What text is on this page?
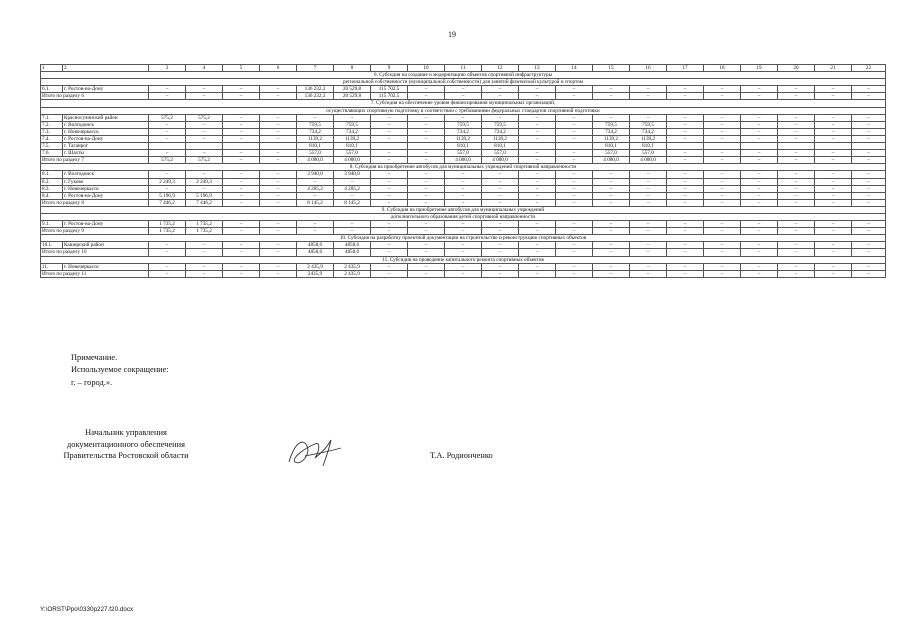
19
1	2	3	4	5	6	7	8	9	10	11	12	13	14	15	16	17	18	19	20	21	22
6. Субсидия на создание и модернизацию объектов спортивной инфраструктуры																					
региональной собственности (муниципальной собственности) для занятий физической культурой и спортом																					
6.1.	г. Ростов-на-Дону	–	–	–	–	136 232,3	20 529,8	115 702,5	–	–	–	–	–	–	–	–	–	–	–	–	–
Итого по разделу 6		–	–	–	–	136 232,3	20 529,8	115 702,5	–	–	–	–	–	–	–	–	–	–	–	–	–
7. Субсидия на обеспечение уровня финансирования муниципальных организаций,																					
осуществляющих спортивную подготовку в соответствии с требованиями федеральных стандартов спортивной подготовки																					
7.1.	Красносулинский район	575,2	575,2	–	–	–	–	–	–	–	–	–	–	–	–	–	–	–	–	–	–
7.2.	г. Волгодонск	–	–	–	–	759,5	759,5	–	–	759,5	759,5	–	–	759,5	759,5	–	–	–	–	–	–
7.3.	г. Новочеркасск	–	–	–	–	734,2	734,2	–	–	734,2	734,2	–	–	734,2	734,2	–	–	–	–	–	–
7.4.	г. Ростов-на-Дону	–	–	–	–	1139,2	1139,2	–	–	1139,2	1139,2	–	–	1139,2	1139,2	–	–	–	–	–	–
7.5.	г. Таганрог					810,1	810,1			810,1	810,1			810,1	810,1						
7.6.	г. Шахты	–	–	–	–	557,0	557,0	–	–	557,0	557,0	–	–	557,0	557,0	–	–	–	–	–	–
Итого по разделу 7		575,2	575,2	–	–	4 000,0	4 000,0	–	–	4 000,0	4 000,0	–	–	4 000,0	4 000,0	–	–	–	–	–	–
8. Субсидия на приобретение автобусов для муниципальных учреждений спортивной направленности																					
8.1.	г. Волгодонск	–	–	–	–	3 940,0	3 940,0	–	–	–	–	–	–	–	–	–	–	–	–	–	–
8.2.	г. Гуково	2 249,3	2 249,3	–	–	–	–	–	–	–	–	–	–	–	–	–	–	–	–	–	–
8.3.	г. Новочеркасск	–	–	–	–	4 205,2	4 205,2	–	–	–	–	–	–	–	–	–	–	–	–	–	–
8.4.	г. Ростов-на-Дону	5 196,9	5 196,9	–	–	–	–	–	–	–	–	–	–	–	–	–	–	–	–	–	–
Итого по разделу 8		7 446,2	7 446,2	–	–	8 145,2	8 145,2	–	–	–	–	–	–	–	–	–	–	–	–	–	–
9. Субсидия на приобретение автобусов для муниципальных учреждений																					
дополнительного образования детей спортивной направленности																					
9.1.	г. Ростов-на-Дону	1 735,2	1 735,2	–	–	–	–	–	–	–	–	–	–	–	–	–	–	–	–	–	–
Итого по разделу 9		1 735,2	1 735,2	–	–	–	–	–	–	–	–	–	–	–	–	–	–	–	–	–	–
10. Субсидия на разработку проектной документации на строительство и реконструкцию спортивных объектов																					
10.1.	Каширский район	–	–	–	–	4858,6	4858,6	–	–	–	–	–	–	–	–	–	–	–	–	–	–
Итого по разделу 10		–	–	–	–	4858,6	4858,6	–	–	–	–	–	–	–	–	–	–	–	–	–	–
11. Субсидия на проведение капитального ремонта спортивных объектов																					
11.	г. Новочеркасск	–	–	–	–	2 435,9	2 435,9	–	–	–	–	–	–	–	–	–	–	–	–	–	–
Итого по разделу 11		–	–	–	–	2435,9	2 435,9	–	–	–	–	–	–	–	–	–	–	–	–	–	–
Примечание.
Используемое сокращение:
г. – город.».
Начальник управления
документационного обеспечения
Правительства Ростовской области	Т.А. Родионченко
Y:\ORST\Ppo\0330p227.f20.docx
